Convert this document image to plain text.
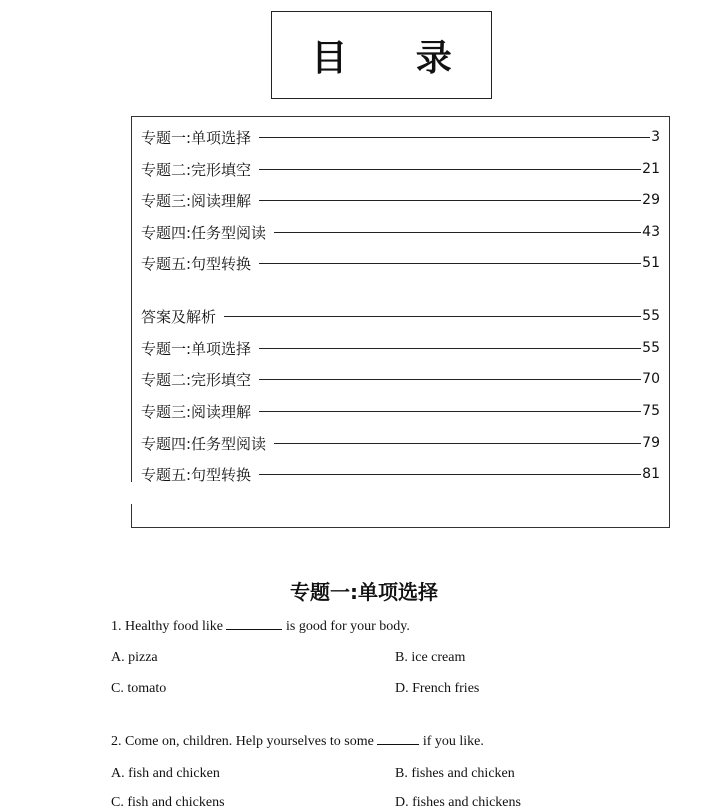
目 录
专题一:单项选择	3
专题二:完形填空	21
专题三:阅读理解	29
专题四:任务型阅读	43
专题五:句型转换	51
答案及解析	55
专题一:单项选择	55
专题二:完形填空	70
专题三:阅读理解	75
专题四:任务型阅读	79
专题五:句型转换	81
专题一:单项选择
1. Healthy food like	is good for your body.
A. pizza	B. ice cream
C. tomato	D. French fries
2. Come on, children. Help yourselves to some	if you like.
A. fish and chicken	B. fishes and chicken
C. fish and chickens	D. fishes and chickens
